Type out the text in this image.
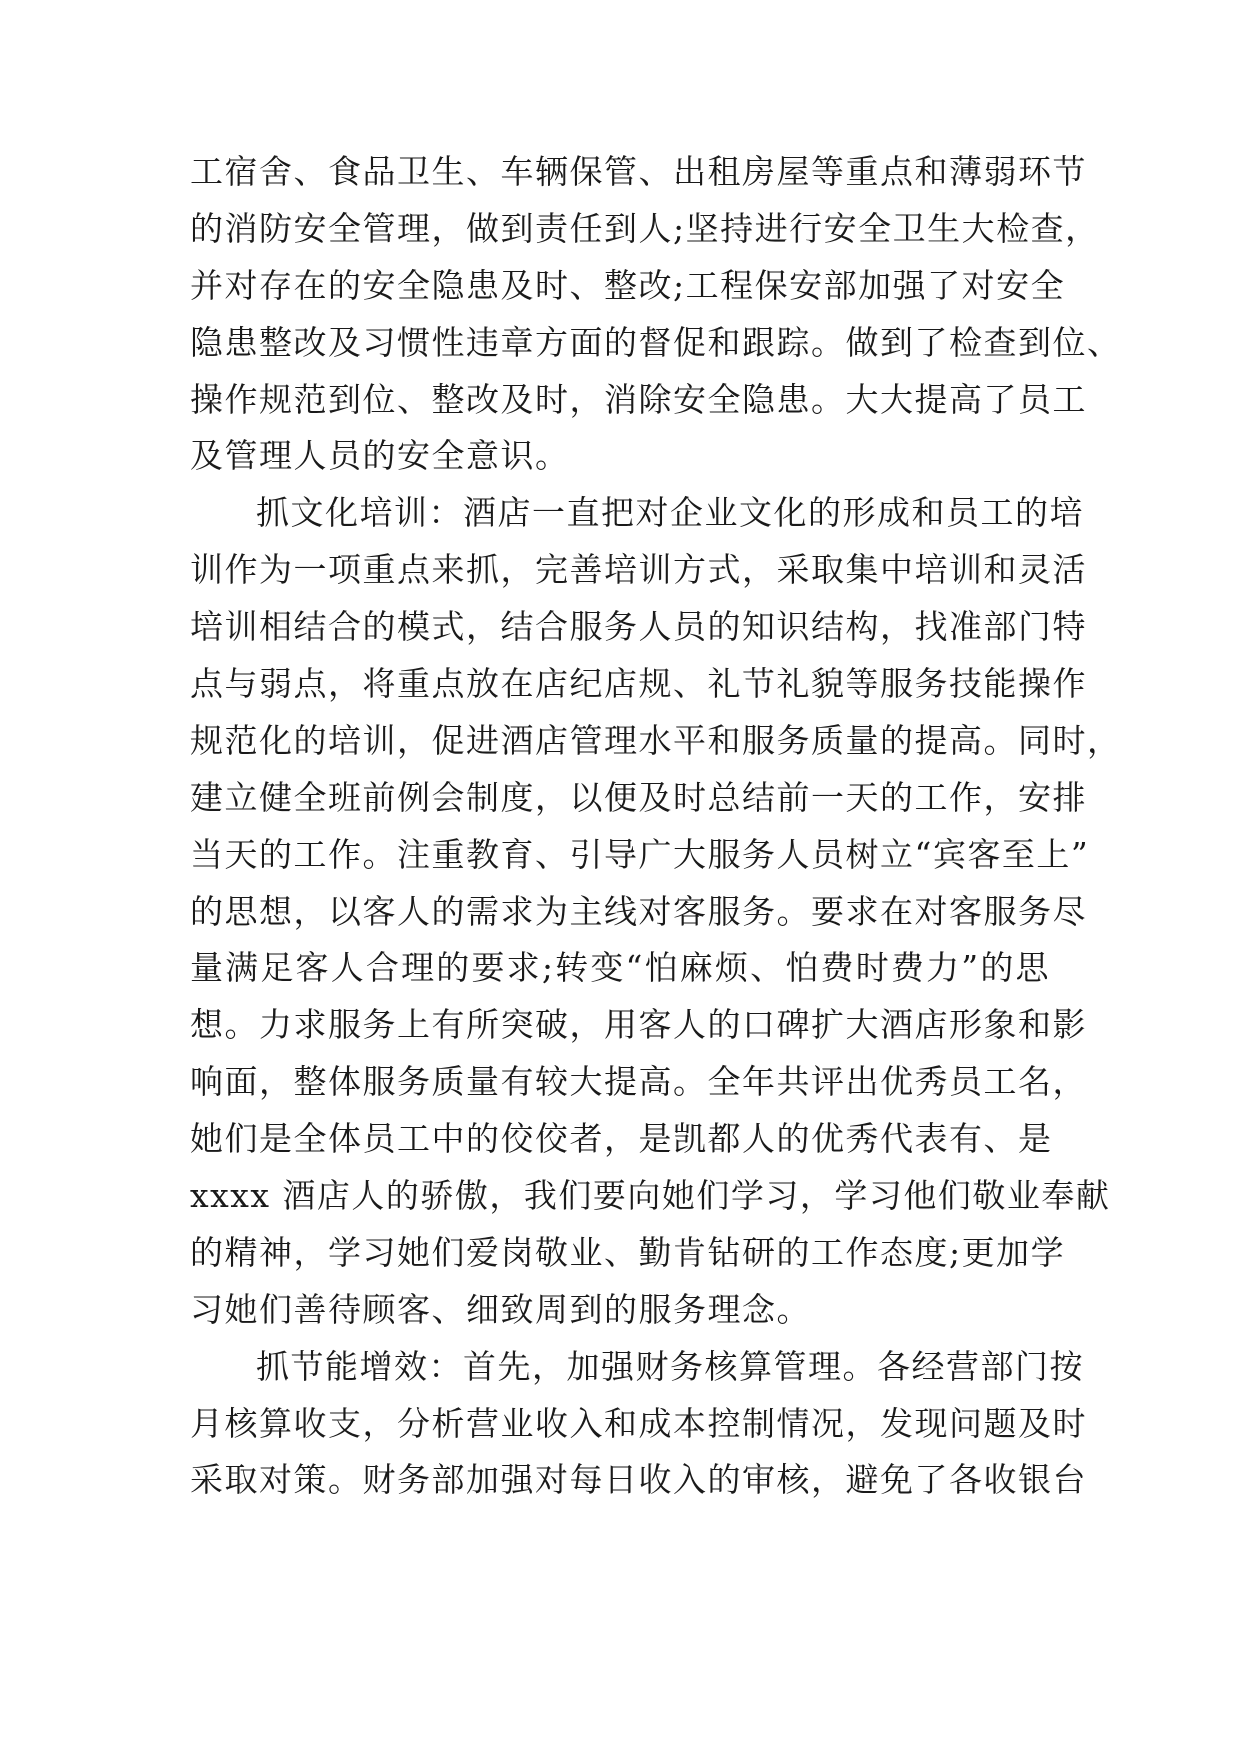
工宿舍、食品卫生、车辆保管、出租房屋等重点和薄弱环节
的消防安全管理，做到责任到人;坚持进行安全卫生大检查，
并对存在的安全隐患及时、整改;工程保安部加强了对安全
隐患整改及习惯性违章方面的督促和跟踪。做到了检查到位、
操作规范到位、整改及时，消除安全隐患。大大提高了员工
及管理人员的安全意识。
抓文化培训：酒店一直把对企业文化的形成和员工的培
训作为一项重点来抓，完善培训方式，采取集中培训和灵活
培训相结合的模式，结合服务人员的知识结构，找准部门特
点与弱点，将重点放在店纪店规、礼节礼貌等服务技能操作
规范化的培训，促进酒店管理水平和服务质量的提高。同时，
建立健全班前例会制度，以便及时总结前一天的工作，安排
当天的工作。注重教育、引导广大服务人员树立“宾客至上”
的思想，以客人的需求为主线对客服务。要求在对客服务尽
量满足客人合理的要求;转变“怕麻烦、怕费时费力”的思
想。力求服务上有所突破，用客人的口碑扩大酒店形象和影
响面，整体服务质量有较大提高。全年共评出优秀员工名，
她们是全体员工中的佼佼者，是凯都人的优秀代表有、是
xxxx 酒店人的骄傲，我们要向她们学习，学习他们敬业奉献
的精神，学习她们爱岗敬业、勤肯钻研的工作态度;更加学
习她们善待顾客、细致周到的服务理念。
抓节能增效：首先，加强财务核算管理。各经营部门按
月核算收支，分析营业收入和成本控制情况，发现问题及时
采取对策。财务部加强对每日收入的审核，避免了各收银台
